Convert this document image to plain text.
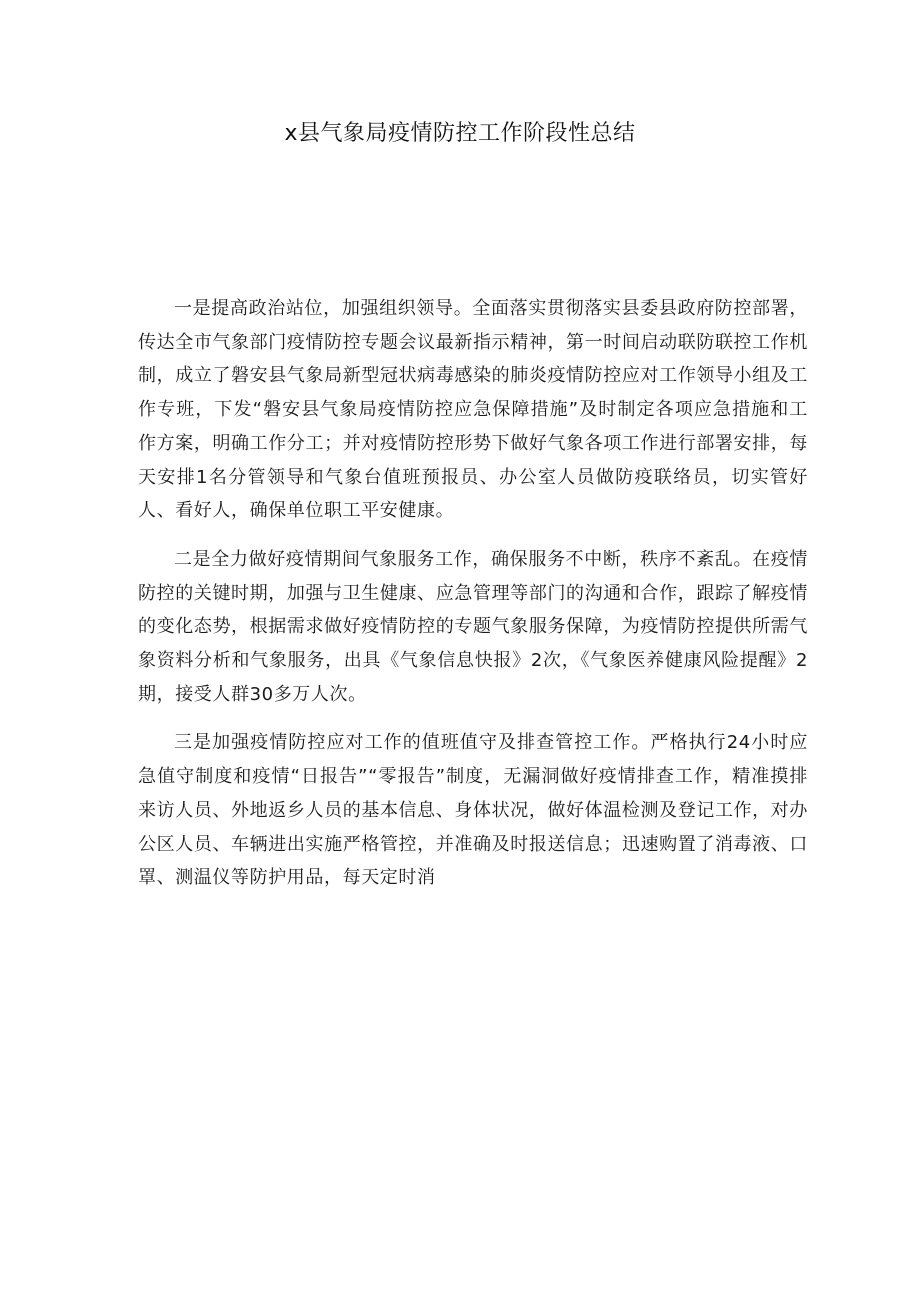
x县气象局疫情防控工作阶段性总结

一是提高政治站位，加强组织领导。全面落实贯彻落实县委县政府防控部署，传达全市气象部门疫情防控专题会议最新指示精神，第一时间启动联防联控工作机制，成立了磐安县气象局新型冠状病毒感染的肺炎疫情防控应对工作领导小组及工作专班，下发“磐安县气象局疫情防控应急保障措施”及时制定各项应急措施和工作方案，明确工作分工；并对疫情防控形势下做好气象各项工作进行部署安排，每天安排1名分管领导和气象台值班预报员、办公室人员做防疫联络员，切实管好人、看好人，确保单位职工平安健康。

二是全力做好疫情期间气象服务工作，确保服务不中断，秩序不紊乱。在疫情防控的关键时期，加强与卫生健康、应急管理等部门的沟通和合作，跟踪了解疫情的变化态势，根据需求做好疫情防控的专题气象服务保障，为疫情防控提供所需气象资料分析和气象服务，出具《气象信息快报》2次，《气象医养健康风险提醒》2期，接受人群30多万人次。

三是加强疫情防控应对工作的值班值守及排查管控工作。严格执行24小时应急值守制度和疫情“日报告”“零报告”制度，无漏洞做好疫情排查工作，精准摸排来访人员、外地返乡人员的基本信息、身体状况，做好体温检测及登记工作，对办公区人员、车辆进出实施严格管控，并准确及时报送信息；迅速购置了消毒液、口罩、测温仪等防护用品，每天定时消
